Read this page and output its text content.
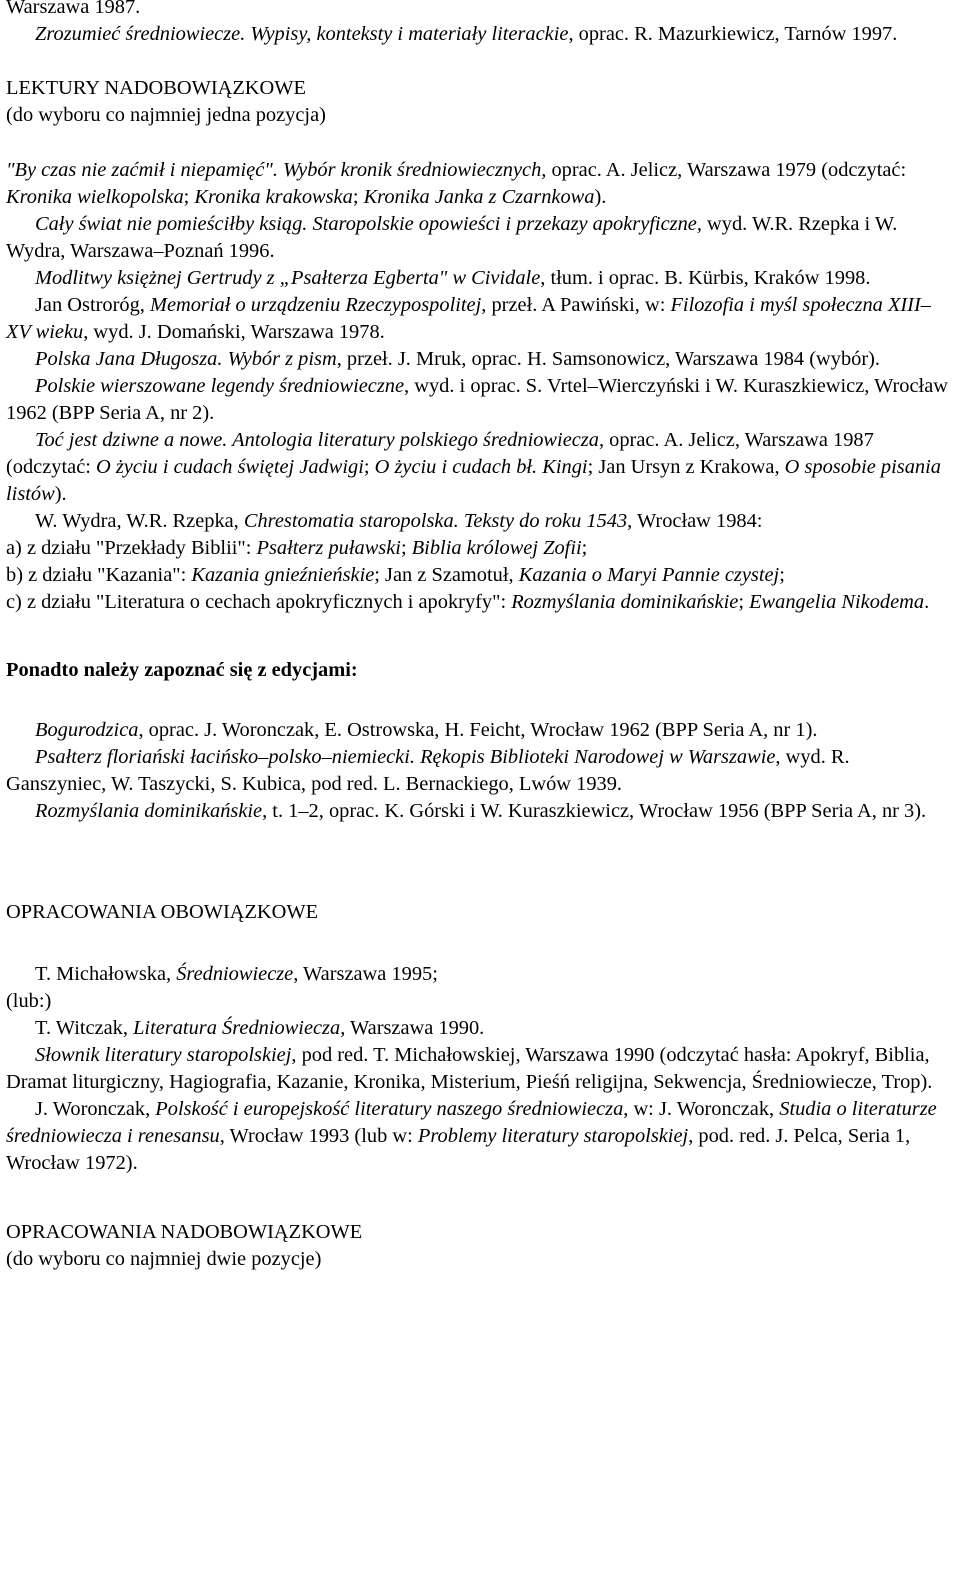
Warszawa 1987.

Zrozumieć średniowiecze. Wypisy, konteksty i materiały literackie, oprac. R. Mazurkiewicz, Tarnów 1997.

LEKTURY NADOBOWIĄZKOWE

(do wyboru co najmniej jedna pozycja)

"By czas nie zaćmił i niepamięć". Wybór kronik średniowiecznych, oprac. A. Jelicz, Warszawa 1979 (odczytać: Kronika wielkopolska; Kronika krakowska; Kronika Janka z Czarnkowa).

Cały świat nie pomieściłby ksiąg. Staropolskie opowieści i przekazy apokryficzne, wyd. W.R. Rzepka i W. Wydra, Warszawa–Poznań 1996.

Modlitwy księżnej Gertrudy z „Psałterza Egberta" w Cividale, tłum. i oprac. B. Kürbis, Kraków 1998.

Jan Ostroróg, Memoriał o urządzeniu Rzeczypospolitej, przeł. A Pawiński, w: Filozofia i myśl społeczna XIII–XV wieku, wyd. J. Domański, Warszawa 1978.

Polska Jana Długosza. Wybór z pism, przeł. J. Mruk, oprac. H. Samsonowicz, Warszawa 1984 (wybór).

Polskie wierszowane legendy średniowieczne, wyd. i oprac. S. Vrtel–Wierczyński i W. Kuraszkiewicz, Wrocław 1962 (BPP Seria A, nr 2).

Toć jest dziwne a nowe. Antologia literatury polskiego średniowiecza, oprac. A. Jelicz, Warszawa 1987 (odczytać: O życiu i cudach świętej Jadwigi; O życiu i cudach bł. Kingi; Jan Ursyn z Krakowa, O sposobie pisania listów).

W. Wydra, W.R. Rzepka, Chrestomatia staropolska. Teksty do roku 1543, Wrocław 1984:

a) z działu "Przekłady Biblii": Psałterz puławski; Biblia królowej Zofii;

b) z działu "Kazania": Kazania gnieźnieńskie; Jan z Szamotuł, Kazania o Maryi Pannie czystej;

c) z działu "Literatura o cechach apokryficznych i apokryfy": Rozmyślania dominikańskie; Ewangelia Nikodema.

Ponadto należy zapoznać się z edycjami:

Bogurodzica, oprac. J. Woronczak, E. Ostrowska, H. Feicht, Wrocław 1962 (BPP Seria A, nr 1).

Psałterz floriański łacińsko–polsko–niemiecki. Rękopis Biblioteki Narodowej w Warszawie, wyd. R. Ganszyniec, W. Taszycki, S. Kubica, pod red. L. Bernackiego, Lwów 1939.

Rozmyślania dominikańskie, t. 1–2, oprac. K. Górski i W. Kuraszkiewicz, Wrocław 1956 (BPP Seria A, nr 3).

OPRACOWANIA OBOWIĄZKOWE

T. Michałowska, Średniowiecze, Warszawa 1995;

(lub:)

T. Witczak, Literatura Średniowiecza, Warszawa 1990.

Słownik literatury staropolskiej, pod red. T. Michałowskiej, Warszawa 1990 (odczytać hasła: Apokryf, Biblia, Dramat liturgiczny, Hagiografia, Kazanie, Kronika, Misterium, Pieśń religijna, Sekwencja, Średniowiecze, Trop).

J. Woronczak, Polskość i europejskość literatury naszego średniowiecza, w: J. Woronczak, Studia o literaturze średniowiecza i renesansu, Wrocław 1993 (lub w: Problemy literatury staropolskiej, pod. red. J. Pelca, Seria 1, Wrocław 1972).

OPRACOWANIA NADOBOWIĄZKOWE

(do wyboru co najmniej dwie pozycje)
